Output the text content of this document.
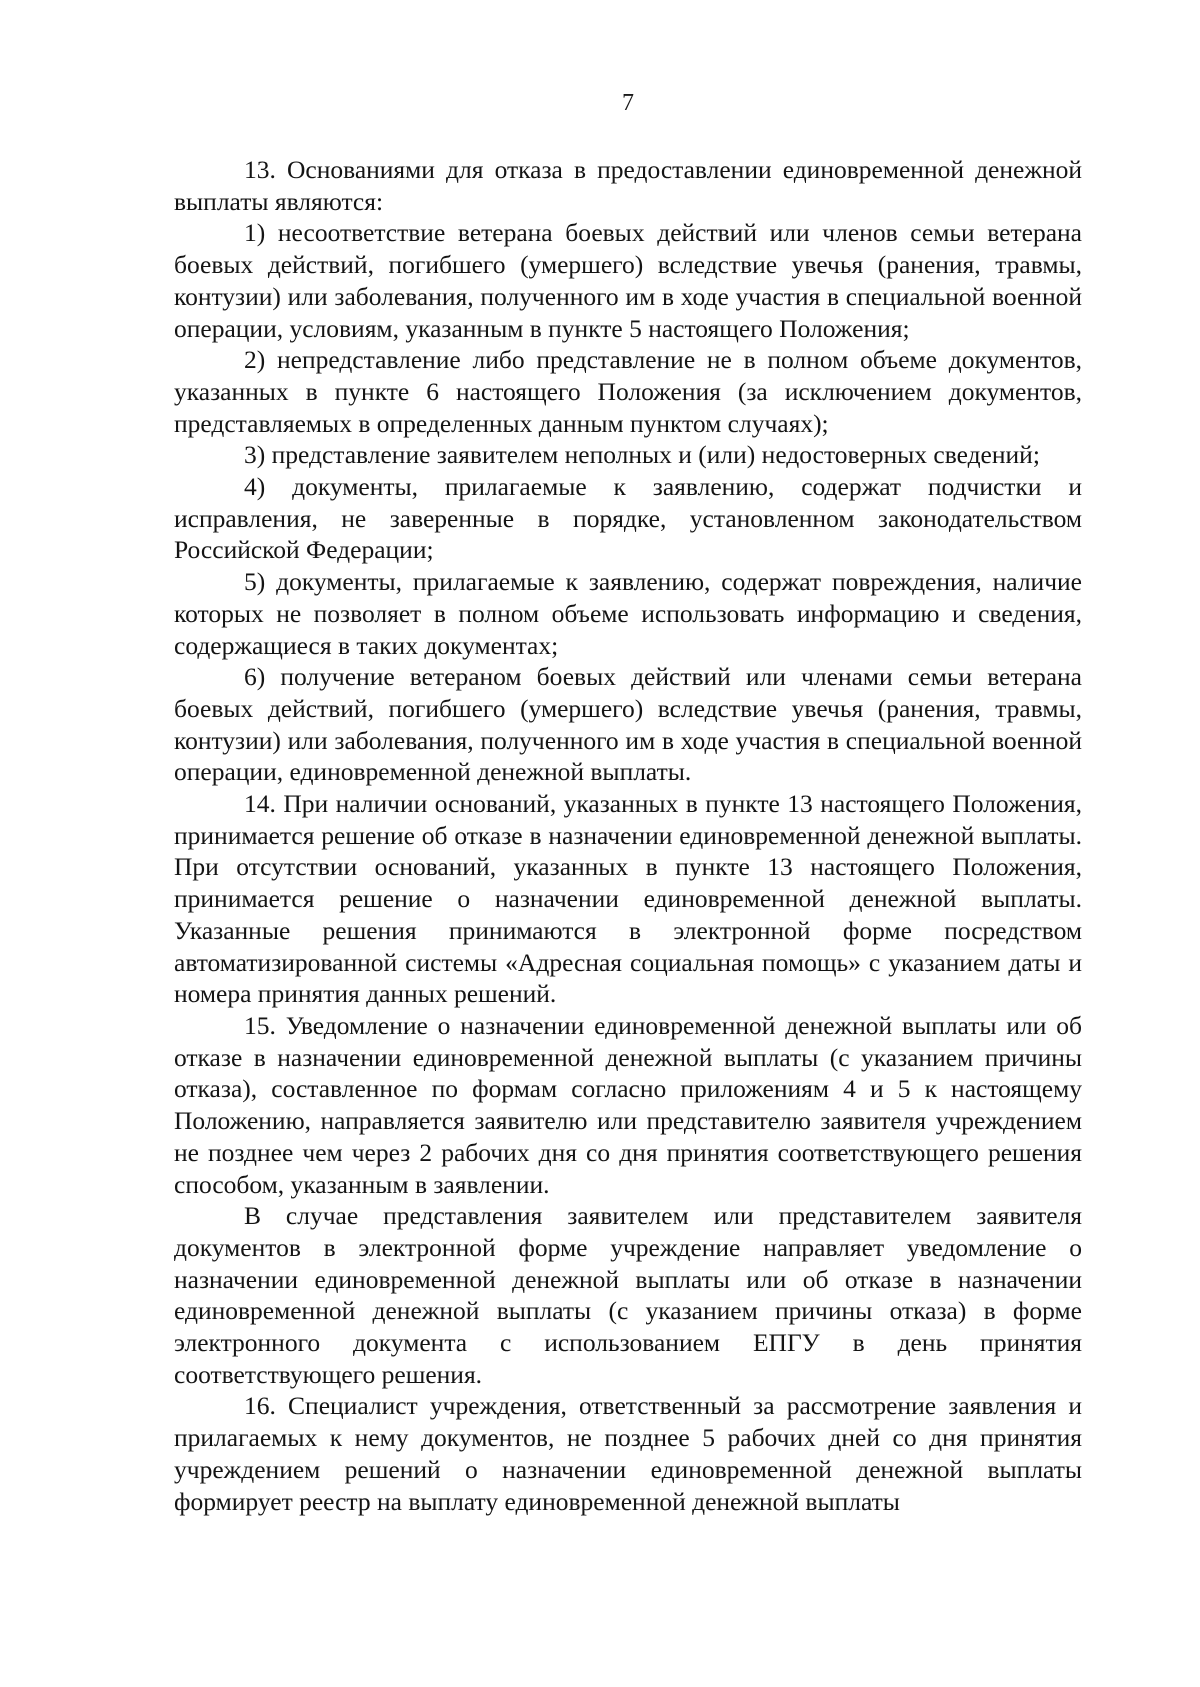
7

13. Основаниями для отказа в предоставлении единовременной денежной выплаты являются:

1) несоответствие ветерана боевых действий или членов семьи ветерана боевых действий, погибшего (умершего) вследствие увечья (ранения, травмы, контузии) или заболевания, полученного им в ходе участия в специальной военной операции, условиям, указанным в пункте 5 настоящего Положения;

2) непредставление либо представление не в полном объеме документов, указанных в пункте 6 настоящего Положения (за исключением документов, представляемых в определенных данным пунктом случаях);

3) представление заявителем неполных и (или) недостоверных сведений;

4) документы, прилагаемые к заявлению, содержат подчистки и исправления, не заверенные в порядке, установленном законодательством Российской Федерации;

5) документы, прилагаемые к заявлению, содержат повреждения, наличие которых не позволяет в полном объеме использовать информацию и сведения, содержащиеся в таких документах;

6) получение ветераном боевых действий или членами семьи ветерана боевых действий, погибшего (умершего) вследствие увечья (ранения, травмы, контузии) или заболевания, полученного им в ходе участия в специальной военной операции, единовременной денежной выплаты.

14. При наличии оснований, указанных в пункте 13 настоящего Положения, принимается решение об отказе в назначении единовременной денежной выплаты. При отсутствии оснований, указанных в пункте 13 настоящего Положения, принимается решение о назначении единовременной денежной выплаты. Указанные решения принимаются в электронной форме посредством автоматизированной системы «Адресная социальная помощь» с указанием даты и номера принятия данных решений.

15. Уведомление о назначении единовременной денежной выплаты или об отказе в назначении единовременной денежной выплаты (с указанием причины отказа), составленное по формам согласно приложениям 4 и 5 к настоящему Положению, направляется заявителю или представителю заявителя учреждением не позднее чем через 2 рабочих дня со дня принятия соответствующего решения способом, указанным в заявлении.

В случае представления заявителем или представителем заявителя документов в электронной форме учреждение направляет уведомление о назначении единовременной денежной выплаты или об отказе в назначении единовременной денежной выплаты (с указанием причины отказа) в форме электронного документа с использованием ЕПГУ в день принятия соответствующего решения.

16. Специалист учреждения, ответственный за рассмотрение заявления и прилагаемых к нему документов, не позднее 5 рабочих дней со дня принятия учреждением решений о назначении единовременной денежной выплаты формирует реестр на выплату единовременной денежной выплаты
